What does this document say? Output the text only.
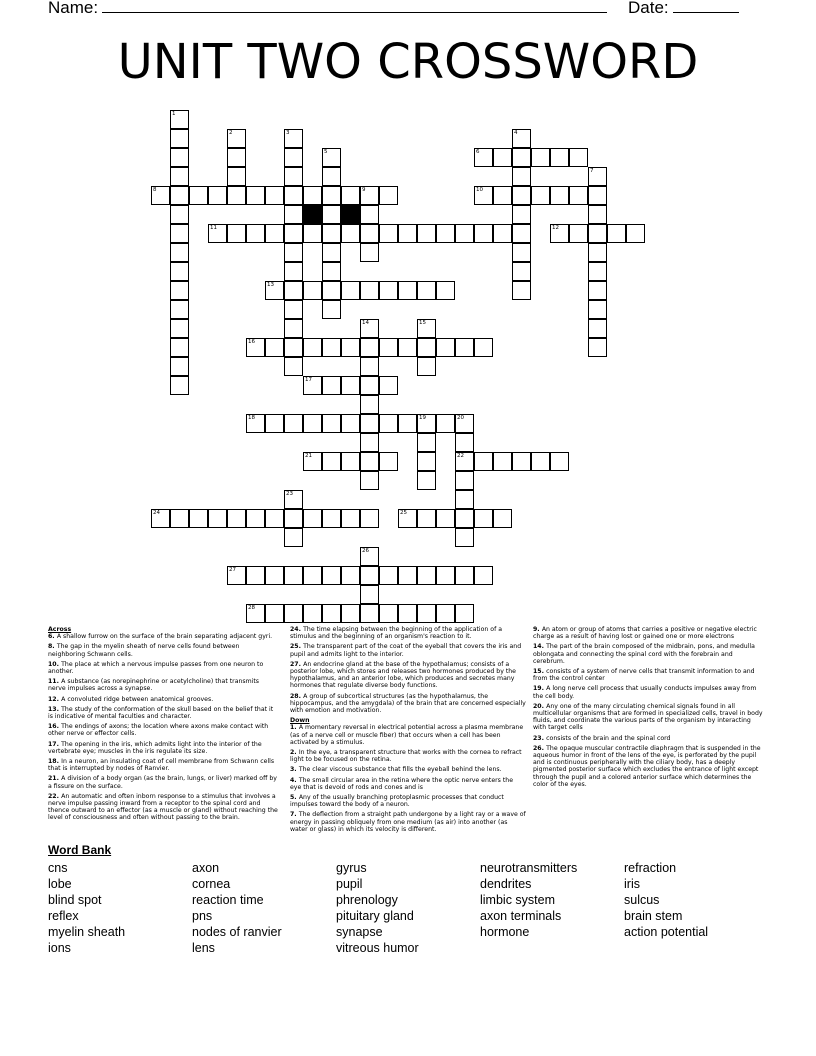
Name:	Date:
UNIT TWO CROSSWORD
1
2	3	4
5	6
7
8	9	10
11	12
13
14	15
16
17
18	19	20
22
21
23
24	25
26
27
28
Across

6. A shallow furrow on the surface of the brain separating adjacent gyri.

8. The gap in the myelin sheath of nerve cells found between neighboring Schwann cells.

10. The place at which a nervous impulse passes from one neuron to another.

11. A substance (as norepinephrine or acetylcholine) that transmits nerve impulses across a synapse.

12. A convoluted ridge between anatomical grooves.

13. The study of the conformation of the skull based on the belief that it is indicative of mental faculties and character.

16. The endings of axons; the location where axons make contact with other nerve or effector cells.

17. The opening in the iris, which admits light into the interior of the vertebrate eye; muscles in the iris regulate its size.

18. In a neuron, an insulating coat of cell membrane from Schwann cells that is interrupted by nodes of Ranvier.

21. A division of a body organ (as the brain, lungs, or liver) marked off by a fissure on the surface.

22. An automatic and often inborn response to a stimulus that involves a nerve impulse passing inward from a receptor to the spinal cord and thence outward to an effector (as a muscle or gland) without reaching the level of consciousness and often without passing to the brain.

24. The time elapsing between the beginning of the application of a stimulus and the beginning of an organism's reaction to it.

25. The transparent part of the coat of the eyeball that covers the iris and pupil and admits light to the interior.

27. An endocrine gland at the base of the hypothalamus; consists of a posterior lobe, which stores and releases two hormones produced by the hypothalamus, and an anterior lobe, which produces and secretes many hormones that regulate diverse body functions.

28. A group of subcortical structures (as the hypothalamus, the hippocampus, and the amygdala) of the brain that are concerned especially with emotion and motivation.

Down

1. A momentary reversal in electrical potential across a plasma membrane (as of a nerve cell or muscle fiber) that occurs when a cell has been activated by a stimulus.

2. In the eye, a transparent structure that works with the cornea to refract light to be focused on the retina.

3. The clear viscous substance that fills the eyeball behind the lens.

4. The small circular area in the retina where the optic nerve enters the eye that is devoid of rods and cones and is

5. Any of the usually branching protoplasmic processes that conduct impulses toward the body of a neuron.

7. The deflection from a straight path undergone by a light ray or a wave of energy in passing obliquely from one medium (as air) into another (as water or glass) in which its velocity is different.

9. An atom or group of atoms that carries a positive or negative electric charge as a result of having lost or gained one or more electrons

14. The part of the brain composed of the midbrain, pons, and medulla oblongata and connecting the spinal cord with the forebrain and cerebrum.

15. consists of a system of nerve cells that transmit information to and from the control center

19. A long nerve cell process that usually conducts impulses away from the cell body.

20. Any one of the many circulating chemical signals found in all multicellular organisms that are formed in specialized cells, travel in body fluids, and coordinate the various parts of the organism by interacting with target cells

23. consists of the brain and the spinal cord

26. The opaque muscular contractile diaphragm that is suspended in the aqueous humor in front of the lens of the eye, is perforated by the pupil and is continuous peripherally with the ciliary body, has a deeply pigmented posterior surface which excludes the entrance of light except through the pupil and a colored anterior surface which determines the color of the eyes.

Word Bank
cns	axon	gyrus	neurotransmitters	refraction
lobe	cornea	pupil	dendrites	iris
blind spot	reaction time	phrenology	limbic system	sulcus
reflex	pns	pituitary gland	axon terminals	brain stem
myelin sheath	nodes of ranvier	synapse	hormone	action potential
ions	lens	vitreous humor
